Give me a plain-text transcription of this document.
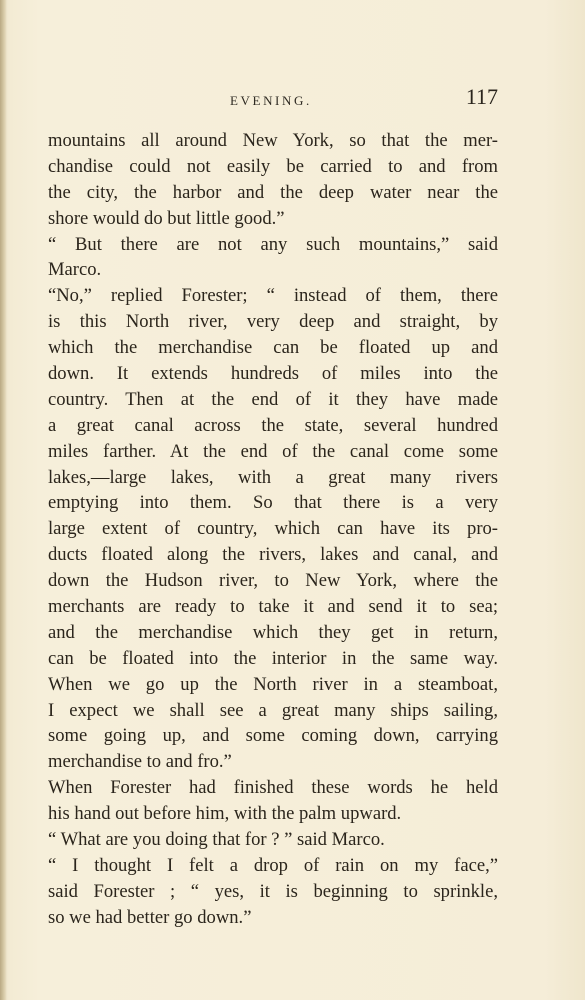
EVENING.	117
mountains all around New York, so that the mer-
chandise could not easily be carried to and from
the city, the harbor and the deep water near the
shore would do but little good.”
“ But there are not any such mountains,” said
Marco.
“No,” replied Forester; “ instead of them, there
is this North river, very deep and straight, by
which the merchandise can be floated up and
down. It extends hundreds of miles into the
country. Then at the end of it they have made
a great canal across the state, several hundred
miles farther. At the end of the canal come some
lakes,—large lakes, with a great many rivers
emptying into them. So that there is a very
large extent of country, which can have its pro-
ducts floated along the rivers, lakes and canal, and
down the Hudson river, to New York, where the
merchants are ready to take it and send it to sea;
and the merchandise which they get in return,
can be floated into the interior in the same way.
When we go up the North river in a steamboat,
I expect we shall see a great many ships sailing,
some going up, and some coming down, carrying
merchandise to and fro.”
When Forester had finished these words he held
his hand out before him, with the palm upward.
“ What are you doing that for ? ” said Marco.
“ I thought I felt a drop of rain on my face,”
said Forester ; “ yes, it is beginning to sprinkle,
so we had better go down.”
